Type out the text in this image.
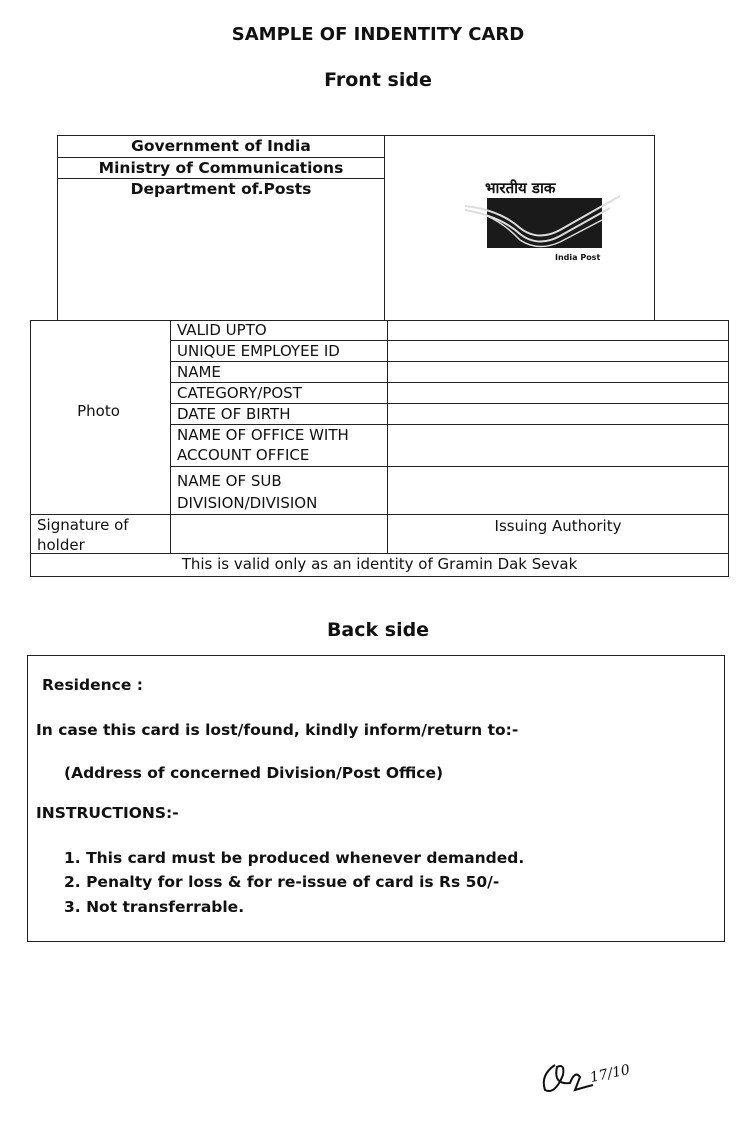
SAMPLE OF INDENTITY CARD
Front side
Government of India
Ministry of Communications
Department of.Posts	भारतीय डाक
India Post
Photo
VALID UPTO
UNIQUE EMPLOYEE ID
NAME
CATEGORY/POST
DATE OF BIRTH
NAME OF OFFICE WITH ACCOUNT OFFICE
NAME OF SUB DIVISION/DIVISION
Signature of holder
Issuing Authority
This is valid only as an identity of Gramin Dak Sevak
Back side
Residence :
In case this card is lost/found, kindly inform/return to:-
(Address of concerned Division/Post Office)
INSTRUCTIONS:-
1. This card must be produced whenever demanded.
2. Penalty for loss & for re-issue of card is Rs 50/-
3. Not transferrable.
17/10
